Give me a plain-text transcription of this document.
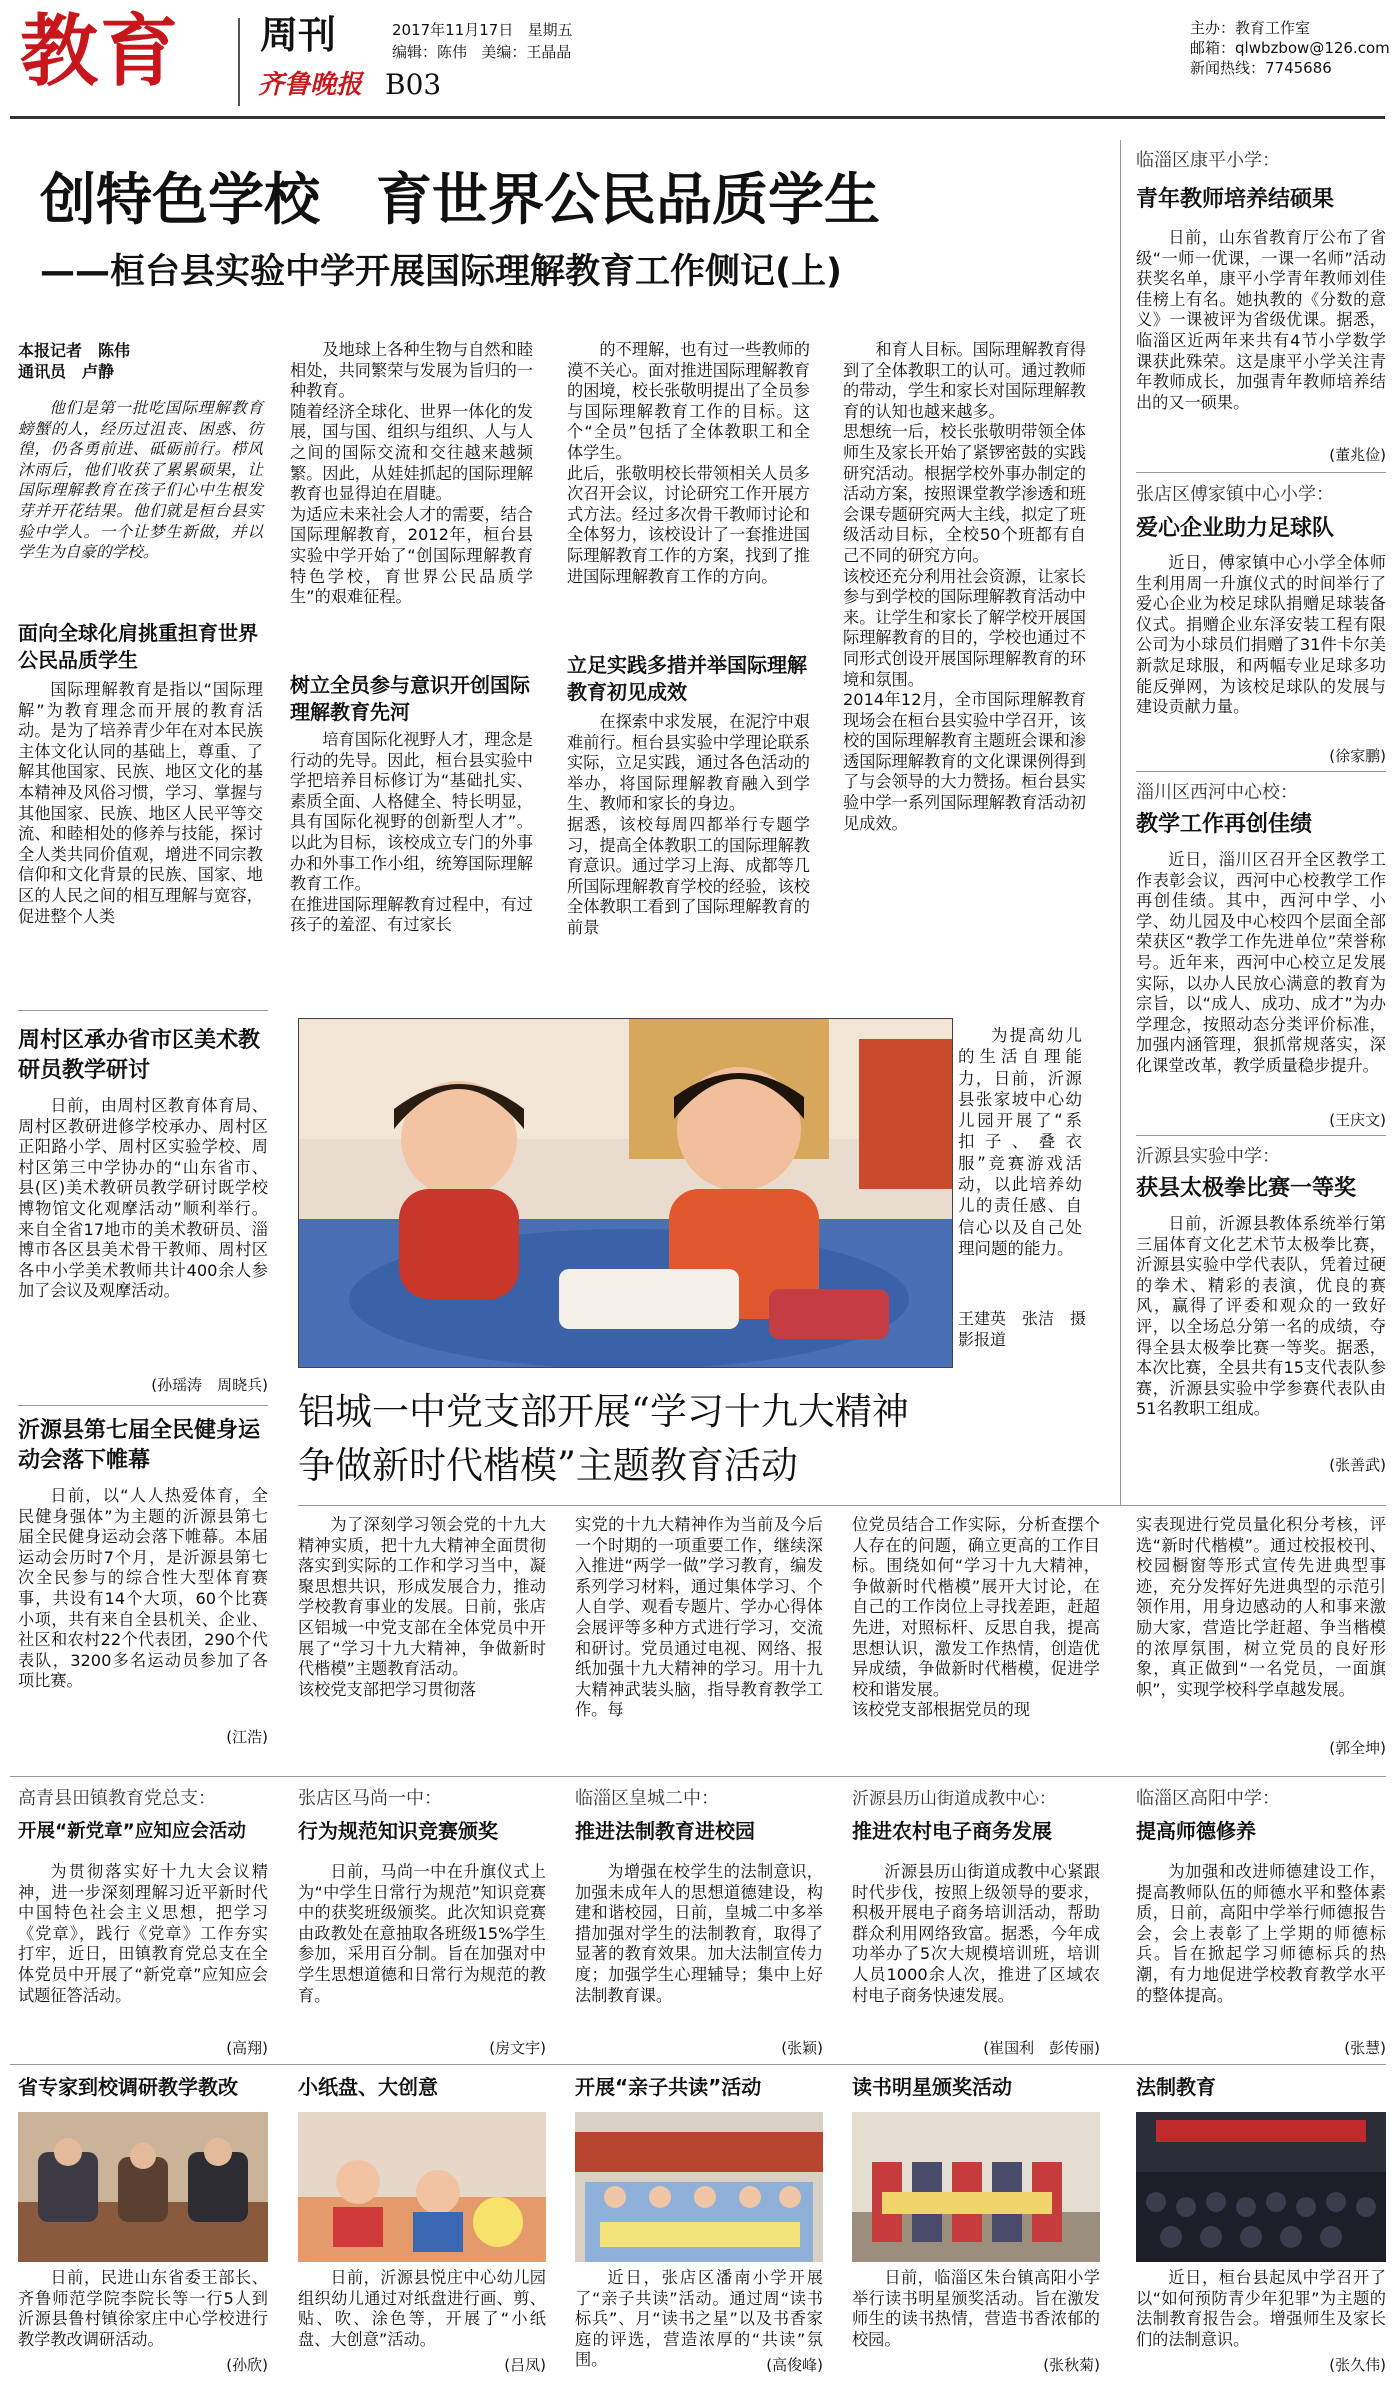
教育 周刊
齐鲁晚报 B03
2017年11月17日 星期五
编辑：陈伟 美编：王晶晶
主办：教育工作室
邮箱：qlwbzbow@126.com
新闻热线：7745686
创特色学校　育世界公民品质学生
——桓台县实验中学开展国际理解教育工作侧记(上)
本报记者　陈伟
通讯员　卢静
他们是第一批吃国际理解教育螃蟹的人，经历过沮丧、困惑、彷徨，仍各勇前进、砥砺前行。栉风沐雨后，他们收获了累累硕果，让国际理解教育在孩子们心中生根发芽并开花结果。他们就是桓台县实验中学人。一个让梦生新做，并以学生为自豪的学校。
面向全球化肩挑重担育世界公民品质学生
国际理解教育是指以“国际理解”为教育理念而开展的教育活动。是为了培养青少年在对本民族主体文化认同的基础上，尊重、了解其他国家、民族、地区文化的基本精神及风俗习惯，学习、掌握与其他国家、民族、地区人民平等交流、和睦相处的修养与技能，探讨全人类共同价值观，增进不同宗教信仰和文化背景的民族、国家、地区的人民之间的相互理解与宽容，促进整个人类
及地球上各种生物与自然和睦相处，共同繁荣与发展为旨归的一种教育。
随着经济全球化、世界一体化的发展，国与国、组织与组织、人与人之间的国际交流和交往越来越频繁。因此，从娃娃抓起的国际理解教育也显得迫在眉睫。
为适应未来社会人才的需要，结合国际理解教育，2012年，桓台县实验中学开始了“创国际理解教育特色学校，育世界公民品质学生”的艰难征程。
树立全员参与意识开创国际理解教育先河
培育国际化视野人才，理念是行动的先导。因此，桓台县实验中学把培养目标修订为“基础扎实、素质全面、人格健全、特长明显，具有国际化视野的创新型人才”。以此为目标，该校成立专门的外事办和外事工作小组，统筹国际理解教育工作。
在推进国际理解教育过程中，有过孩子的羞涩、有过家长
的不理解，也有过一些教师的漠不关心。面对推进国际理解教育的困境，校长张敬明提出了全员参与国际理解教育工作的目标。这个“全员”包括了全体教职工和全体学生。
此后，张敬明校长带领相关人员多次召开会议，讨论研究工作开展方式方法。经过多次骨干教师讨论和全体努力，该校设计了一套推进国际理解教育工作的方案，找到了推进国际理解教育工作的方向。
立足实践多措并举国际理解教育初见成效
在探索中求发展，在泥泞中艰难前行。桓台县实验中学理论联系实际，立足实践，通过各色活动的举办，将国际理解教育融入到学生、教师和家长的身边。
据悉，该校每周四都举行专题学习，提高全体教职工的国际理解教育意识。通过学习上海、成都等几所国际理解教育学校的经验，该校全体教职工看到了国际理解教育的前景
和育人目标。国际理解教育得到了全体教职工的认可。通过教师的带动，学生和家长对国际理解教育的认知也越来越多。
思想统一后，校长张敬明带领全体师生及家长开始了紧锣密鼓的实践研究活动。根据学校外事办制定的活动方案，按照课堂教学渗透和班会课专题研究两大主线，拟定了班级活动目标，全校50个班都有自己不同的研究方向。
该校还充分利用社会资源，让家长参与到学校的国际理解教育活动中来。让学生和家长了解学校开展国际理解教育的目的，学校也通过不同形式创设开展国际理解教育的环境和氛围。
2014年12月，全市国际理解教育现场会在桓台县实验中学召开，该校的国际理解教育主题班会课和渗透国际理解教育的文化课课例得到了与会领导的大力赞扬。桓台县实验中学一系列国际理解教育活动初见成效。
周村区承办省市区美术教研员教学研讨
日前，由周村区教育体育局、周村区教研进修学校承办、周村区正阳路小学、周村区实验学校、周村区第三中学协办的“山东省市、县(区)美术教研员教学研讨既学校博物馆文化观摩活动”顺利举行。来自全省17地市的美术教研员、淄博市各区县美术骨干教师、周村区各中小学美术教师共计400余人参加了会议及观摩活动。
(孙瑶涛　周晓兵)
沂源县第七届全民健身运动会落下帷幕
日前，以“人人热爱体育，全民健身强体”为主题的沂源县第七届全民健身运动会落下帷幕。本届运动会历时7个月，是沂源县第七次全民参与的综合性大型体育赛事，共设有14个大项，60个比赛小项，共有来自全县机关、企业、社区和农村22个代表团，290个代表队，3200多名运动员参加了各项比赛。
(江浩)
为提高幼儿的生活自理能力，日前，沂源县张家坡中心幼儿园开展了“系扣子、叠衣服”竞赛游戏活动，以此培养幼儿的责任感、自信心以及自己处理问题的能力。
王建英　张洁　摄影报道
临淄区康平小学：
青年教师培养结硕果
日前，山东省教育厅公布了省级“一师一优课，一课一名师”活动获奖名单，康平小学青年教师刘佳佳榜上有名。她执教的《分数的意义》一课被评为省级优课。据悉，临淄区近两年来共有4节小学数学课获此殊荣。这是康平小学关注青年教师成长，加强青年教师培养结出的又一硕果。
(董兆俭)
张店区傅家镇中心小学：
爱心企业助力足球队
近日，傅家镇中心小学全体师生利用周一升旗仪式的时间举行了爱心企业为校足球队捐赠足球装备仪式。捐赠企业东泽安装工程有限公司为小球员们捐赠了31件卡尔美新款足球服，和两幅专业足球多功能反弹网，为该校足球队的发展与建设贡献力量。
(徐家鹏)
淄川区西河中心校：
教学工作再创佳绩
近日，淄川区召开全区教学工作表彰会议，西河中心校教学工作再创佳绩。其中，西河中学、小学、幼儿园及中心校四个层面全部荣获区“教学工作先进单位”荣誉称号。近年来，西河中心校立足发展实际，以办人民放心满意的教育为宗旨，以“成人、成功、成才”为办学理念，按照动态分类评价标准，加强内涵管理，狠抓常规落实，深化课堂改革，教学质量稳步提升。
(王庆文)
沂源县实验中学：
获县太极拳比赛一等奖
日前，沂源县教体系统举行第三届体育文化艺术节太极拳比赛，沂源县实验中学代表队，凭着过硬的拳术、精彩的表演，优良的赛风，赢得了评委和观众的一致好评，以全场总分第一名的成绩，夺得全县太极拳比赛一等奖。据悉，本次比赛，全县共有15支代表队参赛，沂源县实验中学参赛代表队由51名教职工组成。
(张善武)
铝城一中党支部开展“学习十九大精神
争做新时代楷模”主题教育活动
为了深刻学习领会党的十九大精神实质，把十九大精神全面贯彻落实到实际的工作和学习当中，凝聚思想共识，形成发展合力，推动学校教育事业的发展。日前，张店区铝城一中党支部在全体党员中开展了“学习十九大精神，争做新时代楷模”主题教育活动。
该校党支部把学习贯彻落
实党的十九大精神作为当前及今后一个时期的一项重要工作，继续深入推进“两学一做”学习教育，编发系列学习材料，通过集体学习、个人自学、观看专题片、学办心得体会展评等多种方式进行学习，交流和研讨。党员通过电视、网络、报纸加强十九大精神的学习。用十九大精神武装头脑，指导教育教学工作。每
位党员结合工作实际，分析查摆个人存在的问题，确立更高的工作目标。围绕如何“学习十九大精神，争做新时代楷模”展开大讨论，在自己的工作岗位上寻找差距，赶超先进，对照标杆、反思自我，提高思想认识，激发工作热情，创造优异成绩，争做新时代楷模，促进学校和谐发展。
该校党支部根据党员的现
实表现进行党员量化积分考核，评选“新时代楷模”。通过校报校刊、校园橱窗等形式宣传先进典型事迹，充分发挥好先进典型的示范引领作用，用身边感动的人和事来激励大家，营造比学赶超、争当楷模的浓厚氛围，树立党员的良好形象，真正做到“一名党员，一面旗帜”，实现学校科学卓越发展。
(郭全坤)
高青县田镇教育党总支：
开展“新党章”应知应会活动
为贯彻落实好十九大会议精神，进一步深刻理解习近平新时代中国特色社会主义思想，把学习《党章》，践行《党章》工作夯实打牢，近日，田镇教育党总支在全体党员中开展了“新党章”应知应会试题征答活动。
(高翔)
张店区马尚一中：
行为规范知识竞赛颁奖
日前，马尚一中在升旗仪式上为“中学生日常行为规范”知识竞赛中的获奖班级颁奖。此次知识竞赛由政教处在意抽取各班级15%学生参加，采用百分制。旨在加强对中学生思想道德和日常行为规范的教育。
(房文宇)
临淄区皇城二中：
推进法制教育进校园
为增强在校学生的法制意识，加强未成年人的思想道德建设，构建和谐校园，日前，皇城二中多举措加强对学生的法制教育，取得了显著的教育效果。加大法制宣传力度；加强学生心理辅导；集中上好法制教育课。
(张颖)
沂源县历山街道成教中心：
推进农村电子商务发展
沂源县历山街道成教中心紧跟时代步伐，按照上级领导的要求，积极开展电子商务培训活动，帮助群众利用网络致富。据悉，今年成功举办了5次大规模培训班，培训人员1000余人次，推进了区域农村电子商务快速发展。
(崔国利　彭传丽)
临淄区高阳中学：
提高师德修养
为加强和改进师德建设工作，提高教师队伍的师德水平和整体素质，日前，高阳中学举行师德报告会，会上表彰了上学期的师德标兵。旨在掀起学习师德标兵的热潮，有力地促进学校教育教学水平的整体提高。
(张慧)
省专家到校调研教学教改
日前，民进山东省委王部长、齐鲁师范学院李院长等一行5人到沂源县鲁村镇徐家庄中心学校进行教学教改调研活动。
(孙欣)
小纸盘、大创意
日前，沂源县悦庄中心幼儿园组织幼儿通过对纸盘进行画、剪、贴、吹、涂色等，开展了“小纸盘、大创意”活动。
(吕凤)
开展“亲子共读”活动
近日，张店区潘南小学开展了“亲子共读”活动。通过周“读书标兵”、月“读书之星”以及书香家庭的评选，营造浓厚的“共读”氛围。	(高俊峰)
读书明星颁奖活动
日前，临淄区朱台镇高阳小学举行读书明星颁奖活动。旨在激发师生的读书热情，营造书香浓郁的校园。
(张秋菊)
法制教育
近日，桓台县起凤中学召开了以“如何预防青少年犯罪”为主题的法制教育报告会。增强师生及家长们的法制意识。
(张久伟)
